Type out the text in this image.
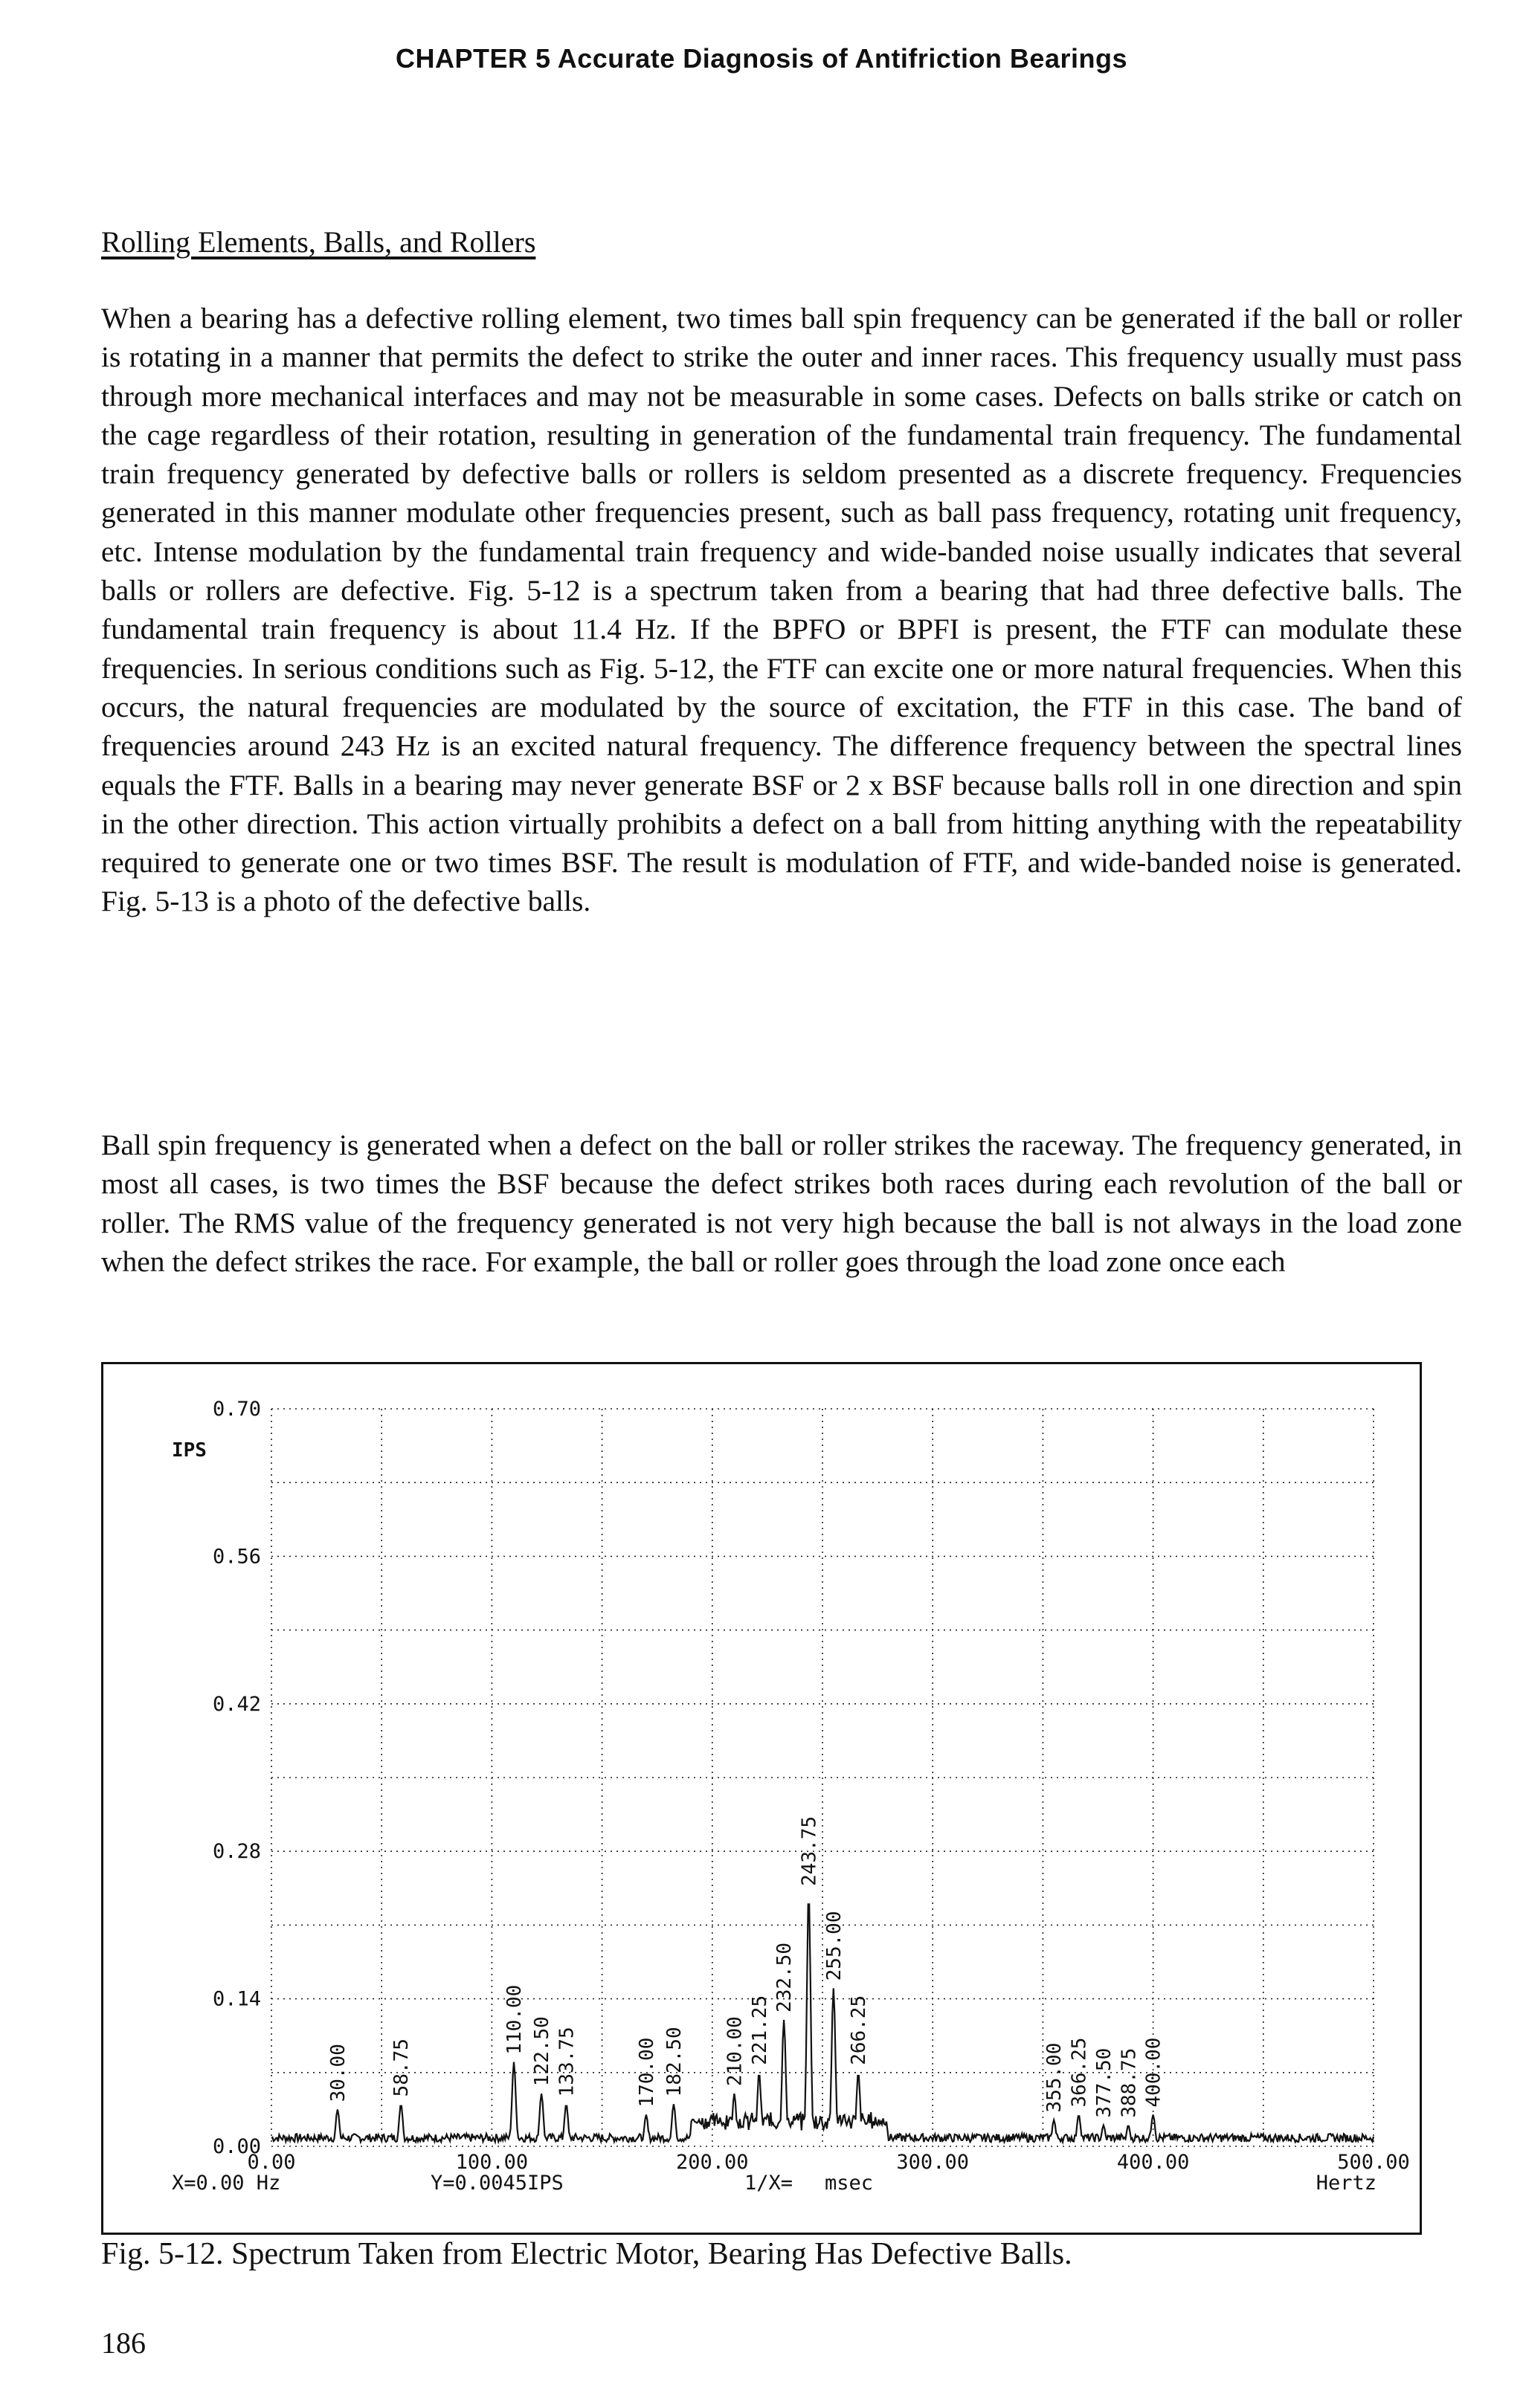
CHAPTER 5 Accurate Diagnosis of Antifriction Bearings
Rolling Elements, Balls, and Rollers

When a bearing has a defective rolling element, two times ball spin frequency can be generated if the ball or roller is rotating in a manner that permits the defect to strike the outer and inner races. This frequency usually must pass through more mechanical interfaces and may not be measurable in some cases. Defects on balls strike or catch on the cage regardless of their rotation, resulting in generation of the fundamental train frequency. The fundamental train frequency generated by defective balls or rollers is seldom presented as a discrete frequency. Frequencies generated in this manner modulate other frequencies present, such as ball pass frequency, rotating unit frequency, etc. Intense modulation by the fundamental train frequency and wide-banded noise usually indicates that several balls or rollers are defective. Fig. 5-12 is a spectrum taken from a bearing that had three defective balls. The fundamental train frequency is about 11.4 Hz. If the BPFO or BPFI is present, the FTF can modulate these frequencies. In serious conditions such as Fig. 5-12, the FTF can excite one or more natural frequencies. When this occurs, the natural frequencies are modulated by the source of excitation, the FTF in this case. The band of frequencies around 243 Hz is an excited natural frequency. The difference frequency between the spectral lines equals the FTF. Balls in a bearing may never generate BSF or 2 x BSF because balls roll in one direction and spin in the other direction. This action virtually prohibits a defect on a ball from hitting anything with the repeatability required to generate one or two times BSF. The result is modulation of FTF, and wide-banded noise is generated. Fig. 5-13 is a photo of the defective balls.

Ball spin frequency is generated when a defect on the ball or roller strikes the raceway. The frequency generated, in most all cases, is two times the BSF because the defect strikes both races during each revolution of the ball or roller. The RMS value of the frequency generated is not very high because the ball is not always in the load zone when the defect strikes the race. For example, the ball or roller goes through the load zone once each

0.70
0.56
0.42
0.28
0.14
0.00
0.00	100.00	200.00	300.00	400.00	500.00
30.00 58.75
110.00 122.50 133.75	170.00 182.50 210.00 221.25
232.50
243.75
255.00
266.25
355.00 366.25 377.50 388.75 400.00
IPS
Hertz
X=0.00 Hz	Y=0.0045IPS	1/X= msec
Fig. 5-12. Spectrum Taken from Electric Motor, Bearing Has Defective Balls.
186
